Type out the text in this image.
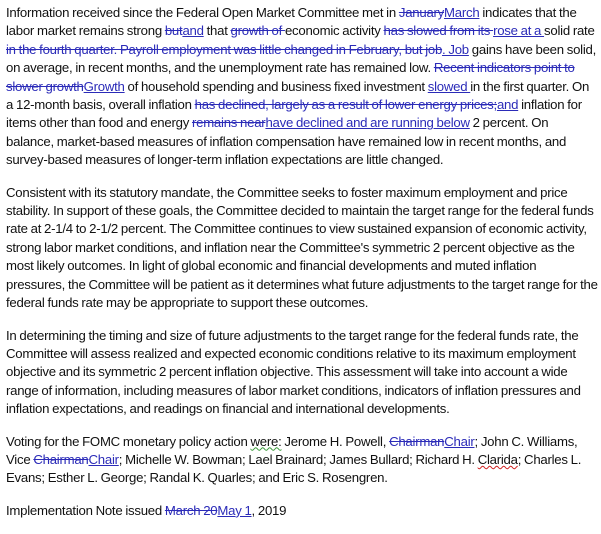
Information received since the Federal Open Market Committee met in JanuaryMarch indicates that the labor market remains strong butand that growth of economic activity has slowed from its rose at a solid rate in the fourth quarter. Payroll employment was little changed in February, but job. Job gains have been solid, on average, in recent months, and the unemployment rate has remained low. Recent indicators point to slower growthGrowth of household spending and business fixed investment slowed in the first quarter. On a 12-month basis, overall inflation has declined, largely as a result of lower energy prices;and inflation for items other than food and energy remains nearhave declined and are running below 2 percent. On balance, market-based measures of inflation compensation have remained low in recent months, and survey-based measures of longer-term inflation expectations are little changed.

Consistent with its statutory mandate, the Committee seeks to foster maximum employment and price stability. In support of these goals, the Committee decided to maintain the target range for the federal funds rate at 2-1/4 to 2-1/2 percent. The Committee continues to view sustained expansion of economic activity, strong labor market conditions, and inflation near the Committee's symmetric 2 percent objective as the most likely outcomes. In light of global economic and financial developments and muted inflation pressures, the Committee will be patient as it determines what future adjustments to the target range for the federal funds rate may be appropriate to support these outcomes.

In determining the timing and size of future adjustments to the target range for the federal funds rate, the Committee will assess realized and expected economic conditions relative to its maximum employment objective and its symmetric 2 percent inflation objective. This assessment will take into account a wide range of information, including measures of labor market conditions, indicators of inflation pressures and inflation expectations, and readings on financial and international developments.

Voting for the FOMC monetary policy action were: Jerome H. Powell, ChairmanChair; John C. Williams, Vice ChairmanChair; Michelle W. Bowman; Lael Brainard; James Bullard; Richard H. Clarida; Charles L. Evans; Esther L. George; Randal K. Quarles; and Eric S. Rosengren.

Implementation Note issued March 20May 1, 2019
